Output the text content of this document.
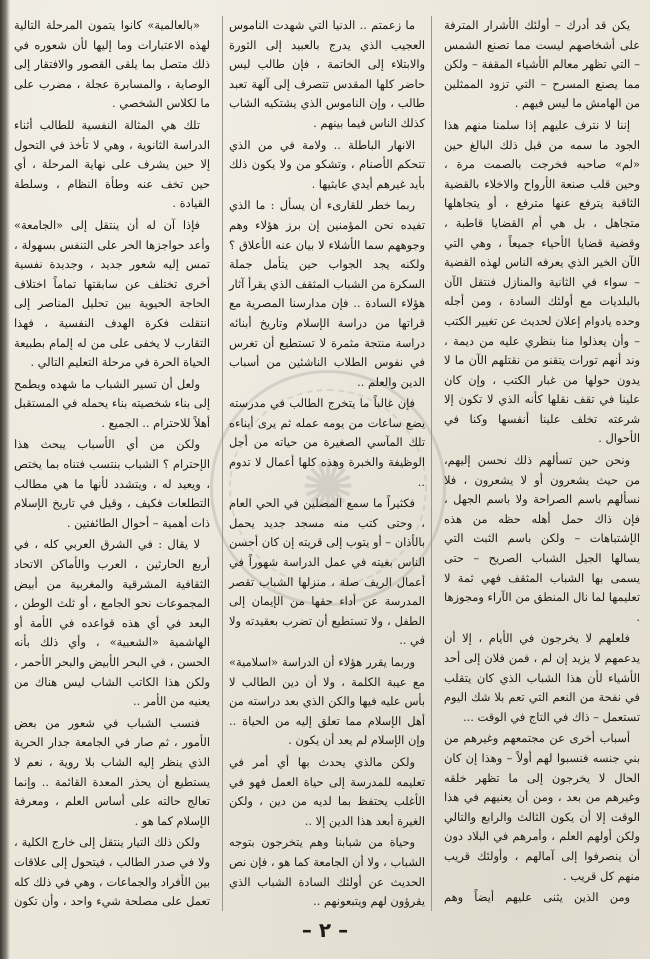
✺

يكن قد أدرك – أولئك الأشرار المترفة على أشخاصهم ليست مما تصنع الشمس – التي تظهر معالم الأشياء المقفة – ولكن مما يصنع المسرح – التي تزود الممثلين من الهامش ما ليس فيهم .

إننا لا نترف عليهم إذا سلمنا منهم هذا الجود ما سمه من قبل ذلك البالغ حين «لم» صاحبه فخرجت بالصمت مرة ، وحين قلب صنعة الأرواح والاخلاء بالقضية الثاقبة يترفع عنها مترفع ، أو يتجاهلها متجاهل ، بل هي أم القضايا قاطبة ، وقضية قضايا الأحياء جميعاً ، وهي التي الآن الخير الذي يعرفه الناس لهذه القضية – سواء في الثانية والمنازل فنتقل الآن بالبلديات مع أولئك السادة ، ومن أجله وحده يادوام إعلان لحديث عن تغيير الكتب – وأن يعذلوا منا بنظري عليه من ديمة ، وند أنهم تورات يتقنو من نقتلهم الآن ما لا يدون حولها من غبار الكتب ، وإن كان علينا في تقف نقلها كأنه الذي لا تكون إلا شرعته تخلف علينا أنفسها وكنا في الأحوال .

ونحن حين تسألهم ذلك نحسن إليهم، من حيث يشعرون أو لا يشعرون ، فلا نسألهم باسم الصراحة ولا باسم الجهل ، فإن ذاك حمل أهله حظه من هذه الإشتباهات – ولكن باسم الثبت التي يسالها الجيل الشباب الصريح – حتى يسمى بها الشباب المثقف فهي ثمة لا تعليمها لما نال المنطق من الآراء ومجوزها .

فلعلهم لا يخرجون في الأيام ، إلا أن يدعمهم لا يزيد إن لم ، فمن فلان إلى أحد الأشياء لأن هذا الشباب الذي كان يتقلب في نفحة من النعم التي تعم بلا شك اليوم تستعمل – ذاك في التاج في الوقت ...

أسباب أخرى عن مجتمعهم وغيرهم من بني جنسه فنسبوا لهم أولاً – وهذا إن كان الحال لا يخرجون إلى ما تظهر خلقه وغيرهم من بعد ، ومن أن يعنيهم في هذا الوقت إلا أن يكون الثالث والرابع والتالي ولكن أولهم العلم ، وأمرهم في البلاد دون أن ينصرفوا إلى آمالهم ، وأولئك قريب منهم كل قريب .

ومن الذين يثنى عليهم أيضاً وهم

ما زعمتم .. الدنيا التي شهدت الناموس العجيب الذي يدرج بالعبيد إلى الثورة والابتلاء إلى الخاتمة ، فإن طالب ليس حاضر كلها المقدس تتصرف إلى آلهة تعبد طالب ، وإن الناموس الذي يشتكيه الشاب كذلك الناس فيما بينهم .

الانهار الباطلة .. ولامة في من الذي تتحكم الأصنام ، وتشكو من ولا يكون ذلك بأيد غيرهم أيدي عابثيها .

ربما خطر للقارىء أن يسأل : ما الذي تفيده نحن المؤمنين إن برز هؤلاء وهم وجوههم سما الأشلاء لا بيان عنه الأعلاق ؟ ولكنه يجد الجواب حين يتأمل جملة السكرة من الشباب المثقف الذي يقرأ آثار هؤلاء السادة .. فإن مدارسنا المصرية مع قراتها من دراسة الإسلام وتاريخ أبنائه دراسة منتجة مثمرة لا تستطيع أن تغرس في نفوس الطلاب الناشئين من أسباب الدين والعلم ..

فإن غالباً ما يتخرج الطالب في مدرسته يضع ساعات من يومه عمله ثم يرى أبناءه تلك المآسي الصغيرة من حياته من أجل الوظيفة والخبرة وهذه كلها أعمال لا تدوم ..

فكثيراً ما سمع المصلين في الحي العام ، وحتى كتب منه مسجد جديد يحمل بالأذان – أو يتوب إلى قريته إن كان أحسن الناس بغيته في عمل الدراسة شهوراً في أعمال الريف صلة ، منزلها الشباب تقصر المدرسة عن أداء حقها من الإيمان إلى الطفل ، ولا تستطيع أن تضرب بعقيدته ولا في ..

وربما يقرر هؤلاء أن الدراسة «اسلامية» مع عيبة الكلمة ، ولا أن دين الطالب لا بأس عليه فيها والكن الذي بعد دراسته من أهل الإسلام مما تعلق إليه من الحياة .. وإن الإسلام لم يعد أن يكون .

ولكن مالذي يحدث بها أي أمر في تعليمه للمدرسة إلى حياة العمل فهو في الأغلب يحتفظ بما لديه من دين ، ولكن الغيرة أبعد هذا الدين إلا ..

وحياة من شبابنا وهم يتخرجون بتوجه الشباب ، ولا أن الجامعة كما هو ، فإن نص الحديث عن أولئك السادة الشباب الذي يقرؤون لهم ويتبعونهم ..

«بالعالمية» كانوا يتمون المرحلة التالية لهذه الاعتبارات وما إليها لأن شعوره في ذلك متصل بما يلقى القصور والافتقار إلى الوصاية ، والمسابرة عجلة ، مضرب على ما لكلاس الشخصي .

تلك هي المثالة النفسية للطالب أثناء الدراسة الثانوية ، وهي لا تأخذ في التحول إلا حين يشرف على نهاية المرحلة ، أي حين تخف عنه وطأة النظام ، وسلطة القيادة .

فإذا آن له أن ينتقل إلى «الجامعة» وأعد حواجزها الحر على التنفس بسهولة ، تمس إليه شعور جديد ، وجديدة نفسية أخرى تختلف عن سابقتها تماماً اختلاف الحاجة الحيوية بين تحليل المناصر إلى انتقلت فكرة الهدف النفسية ، فهذا التقارب لا يخفى على من له إلمام بطبيعة الحياة الحرة في مرحلة التعليم التالي .

ولعل أن تسير الشباب ما شهده ويطمح إلى بناء شخصيته بناء يحمله في المستقبل أهلاً للاحترام .. الجميع .

ولكن من أي الأسباب يبحث هذا الإحترام ؟ الشباب بنتسب فتناه بما يختص ، ويعيد له ، ويتشدد لأنها ما هي مطالب التطلعات فكيف ، وقيل في تاريخ الإسلام ذات أهمية – أحوال الطائفتين .

لا يقال : في الشرق العربي كله ، في أربع الحارثين ، العرب والأماكن الاتحاد الثقافية المشرقية والمغربية من أبيض المجموعات نحو الجامع ، أو ثلث الوطن ، البعد في أي هذه قواعده في الأمة أو الهاشمية «الشعبية» ، وأي ذلك بأنه الحسن ، في البحر الأبيض والبحر الأحمر ، ولكن هذا الكاتب الشاب ليس هناك من يعنيه من الأمر ..

فنسب الشباب في شعور من بعض الأمور ، ثم صار في الجامعة جدار الحرية الذي ينظر إليه الشاب بلا روية ، نعم لا يستطيع أن يحذر المعدة القائمة .. وإنما تعالج حالته على أساس العلم ، ومعرفة الإسلام كما هو .

ولكن ذلك التيار ينتقل إلى خارج الكلية ، ولا في صدر الطالب ، فيتحول إلى علاقات بين الأفراد والجماعات ، وهي في ذلك كله تعمل على مصلحة شيء واحد ، وأن تكون

– ٢ –
